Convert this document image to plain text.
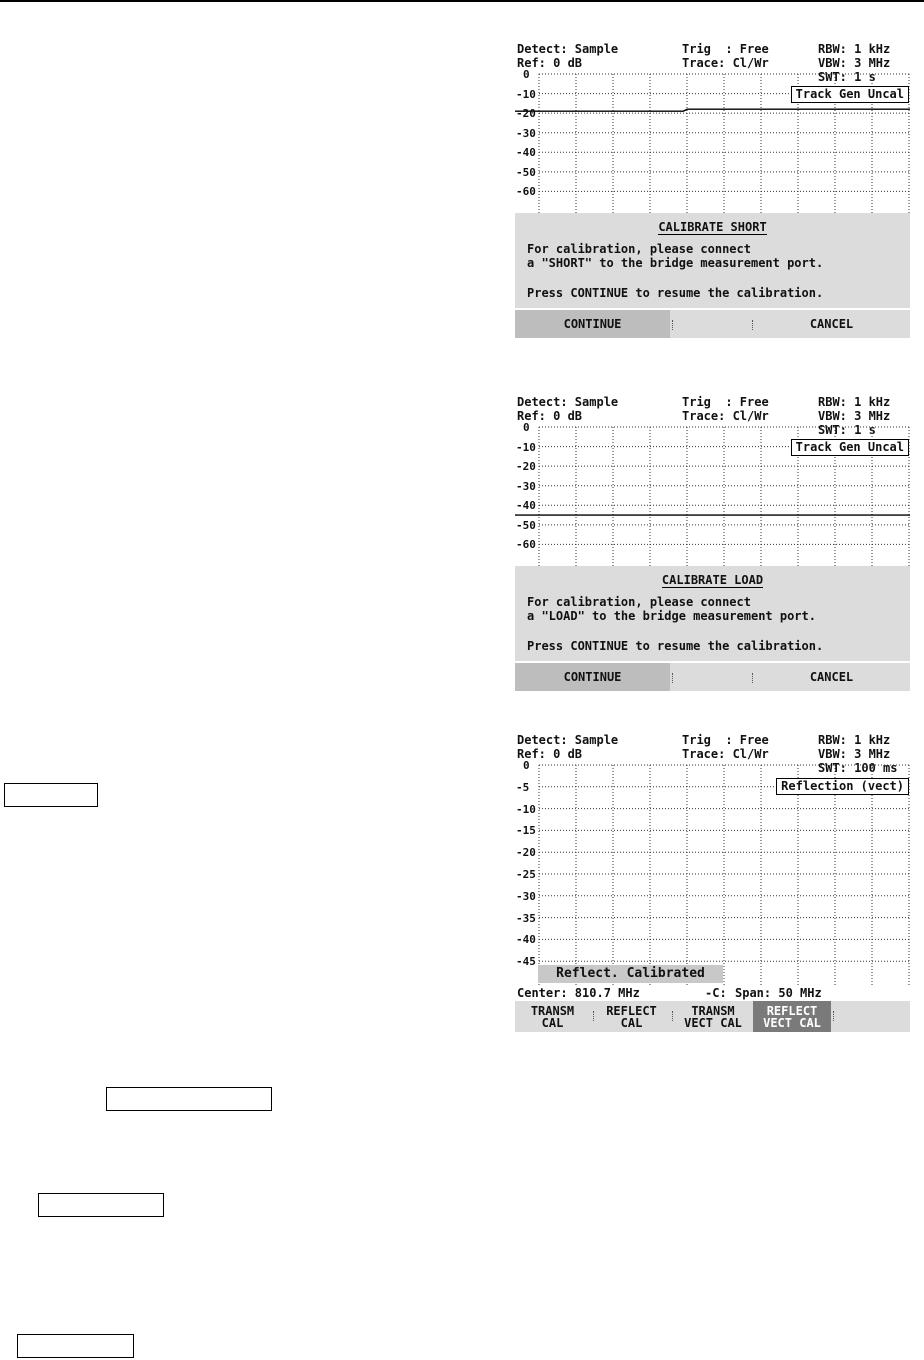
Detect: Sample
Ref: 0 dB
Trig  : Free
Trace: Cl/Wr
RBW: 1 kHz
VBW: 3 MHz
SWT: 1 s
0
-10
-20
-30
-40
-50
-60
Track Gen Uncal
CALIBRATE SHORT
For calibration, please connect
a "SHORT" to the bridge measurement port.
Press CONTINUE to resume the calibration.
CONTINUE	CANCEL
Detect: Sample
Ref: 0 dB
Trig  : Free
Trace: Cl/Wr
RBW: 1 kHz
VBW: 3 MHz
SWT: 1 s
0
-10
-20
-30
-40
-50
-60
Track Gen Uncal
CALIBRATE LOAD
For calibration, please connect
a "LOAD" to the bridge measurement port.
Press CONTINUE to resume the calibration.
CONTINUE	CANCEL
Detect: Sample
Ref: 0 dB
Trig  : Free
Trace: Cl/Wr
RBW: 1 kHz
VBW: 3 MHz
SWT: 100 ms
0
-5
-10
-15
-20
-25
-30
-35
-40
-45
Reflection (vect)
Reflect. Calibrated
Center: 810.7 MHz	-C: Span: 50 MHz
TRANSM
CAL
REFLECT
CAL
TRANSM
VECT CAL
REFLECT
VECT CAL
